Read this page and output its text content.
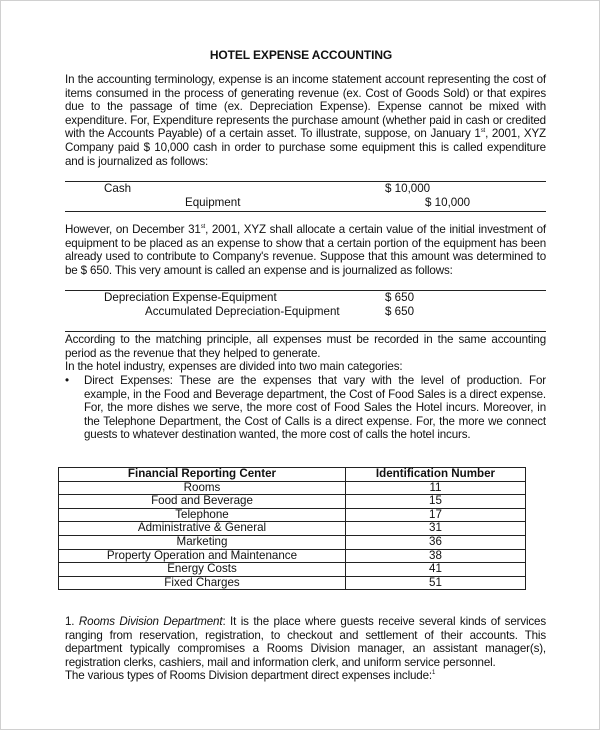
HOTEL EXPENSE ACCOUNTING
In the accounting terminology, expense is an income statement account representing the cost of items consumed in the process of generating revenue (ex. Cost of Goods Sold) or that expires due to the passage of time (ex. Depreciation Expense). Expense cannot be mixed with expenditure. For, Expenditure represents the purchase amount (whether paid in cash or credited with the Accounts Payable) of a certain asset. To illustrate, suppose, on January 1st, 2001, XYZ Company paid $ 10,000 cash in order to purchase some equipment this is called expenditure and is journalized as follows:
Cash	$ 10,000
Equipment	$ 10,000
However, on December 31st, 2001, XYZ shall allocate a certain value of the initial investment of equipment to be placed as an expense to show that a certain portion of the equipment has been already used to contribute to Company's revenue. Suppose that this amount was determined to be $ 650. This very amount is called an expense and is journalized as follows:
Depreciation Expense-Equipment	$ 650
Accumulated Depreciation-Equipment	$ 650
According to the matching principle, all expenses must be recorded in the same accounting period as the revenue that they helped to generate.
In the hotel industry, expenses are divided into two main categories:
• Direct Expenses: These are the expenses that vary with the level of production. For example, in the Food and Beverage department, the Cost of Food Sales is a direct expense. For, the more dishes we serve, the more cost of Food Sales the Hotel incurs. Moreover, in the Telephone Department, the Cost of Calls is a direct expense. For, the more we connect guests to whatever destination wanted, the more cost of calls the hotel incurs.
Financial Reporting Center	Identification Number
Rooms	11
Food and Beverage	15
Telephone	17
Administrative & General	31
Marketing	36
Property Operation and Maintenance	38
Energy Costs	41
Fixed Charges	51
1. Rooms Division Department: It is the place where guests receive several kinds of services ranging from reservation, registration, to checkout and settlement of their accounts. This department typically compromises a Rooms Division manager, an assistant manager(s), registration clerks, cashiers, mail and information clerk, and uniform service personnel.
The various types of Rooms Division department direct expenses include:$^1$
